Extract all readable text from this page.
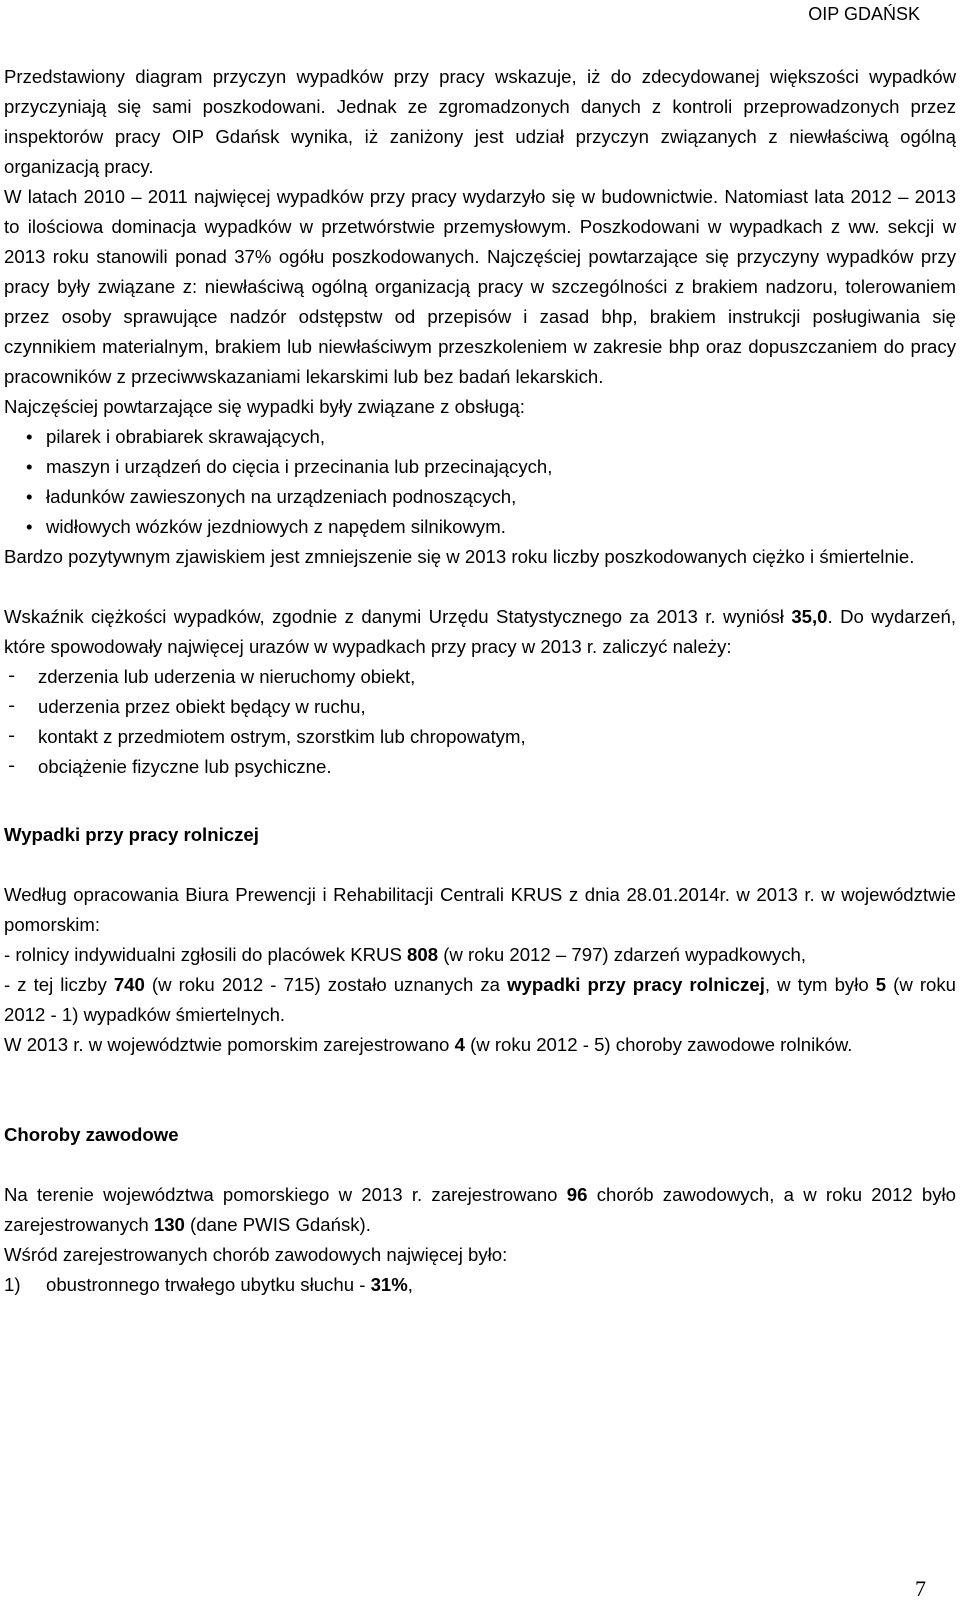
OIP GDAŃSK

Przedstawiony diagram przyczyn wypadków przy pracy wskazuje, iż do zdecydowanej większości wypadków przyczyniają się sami poszkodowani. Jednak ze zgromadzonych danych z kontroli przeprowadzonych przez inspektorów pracy OIP Gdańsk wynika, iż zaniżony jest udział przyczyn związanych z niewłaściwą ogólną organizacją pracy.

W latach 2010 – 2011 najwięcej wypadków przy pracy wydarzyło się w budownictwie. Natomiast lata 2012 – 2013 to ilościowa dominacja wypadków w przetwórstwie przemysłowym. Poszkodowani w wypadkach z ww. sekcji w 2013 roku stanowili ponad 37% ogółu poszkodowanych. Najczęściej powtarzające się przyczyny wypadków przy pracy były związane z: niewłaściwą ogólną organizacją pracy w szczególności z brakiem nadzoru, tolerowaniem przez osoby sprawujące nadzór odstępstw od przepisów i zasad bhp, brakiem instrukcji posługiwania się czynnikiem materialnym, brakiem lub niewłaściwym przeszkoleniem w zakresie bhp oraz dopuszczaniem do pracy pracowników z przeciwwskazaniami lekarskimi lub bez badań lekarskich.

Najczęściej powtarzające się wypadki były związane z obsługą:

• pilarek i obrabiarek skrawających,
• maszyn i urządzeń do cięcia i przecinania lub przecinających,
• ładunków zawieszonych na urządzeniach podnoszących,
• widłowych wózków jezdniowych z napędem silnikowym.

Bardzo pozytywnym zjawiskiem jest zmniejszenie się w 2013 roku liczby poszkodowanych ciężko i śmiertelnie.

Wskaźnik ciężkości wypadków, zgodnie z danymi Urzędu Statystycznego za 2013 r. wyniósł 35,0. Do wydarzeń, które spowodowały najwięcej urazów w wypadkach przy pracy w 2013 r. zaliczyć należy:

- zderzenia lub uderzenia w nieruchomy obiekt,
- uderzenia przez obiekt będący w ruchu,
- kontakt z przedmiotem ostrym, szorstkim lub chropowatym,
- obciążenie fizyczne lub psychiczne.

Wypadki przy pracy rolniczej

Według opracowania Biura Prewencji i Rehabilitacji Centrali KRUS z dnia 28.01.2014r. w 2013 r. w województwie pomorskim:

- rolnicy indywidualni zgłosili do placówek KRUS 808 (w roku 2012 – 797) zdarzeń wypadkowych,

- z tej liczby 740 (w roku 2012 - 715) zostało uznanych za wypadki przy pracy rolniczej, w tym było 5 (w roku 2012 - 1) wypadków śmiertelnych.

W 2013 r. w województwie pomorskim zarejestrowano 4 (w roku 2012 - 5) choroby zawodowe rolników.

Choroby zawodowe

Na terenie województwa pomorskiego w 2013 r. zarejestrowano 96 chorób zawodowych, a w roku 2012 było zarejestrowanych 130 (dane PWIS Gdańsk).

Wśród zarejestrowanych chorób zawodowych najwięcej było:

1) obustronnego trwałego ubytku słuchu - 31%,

7
